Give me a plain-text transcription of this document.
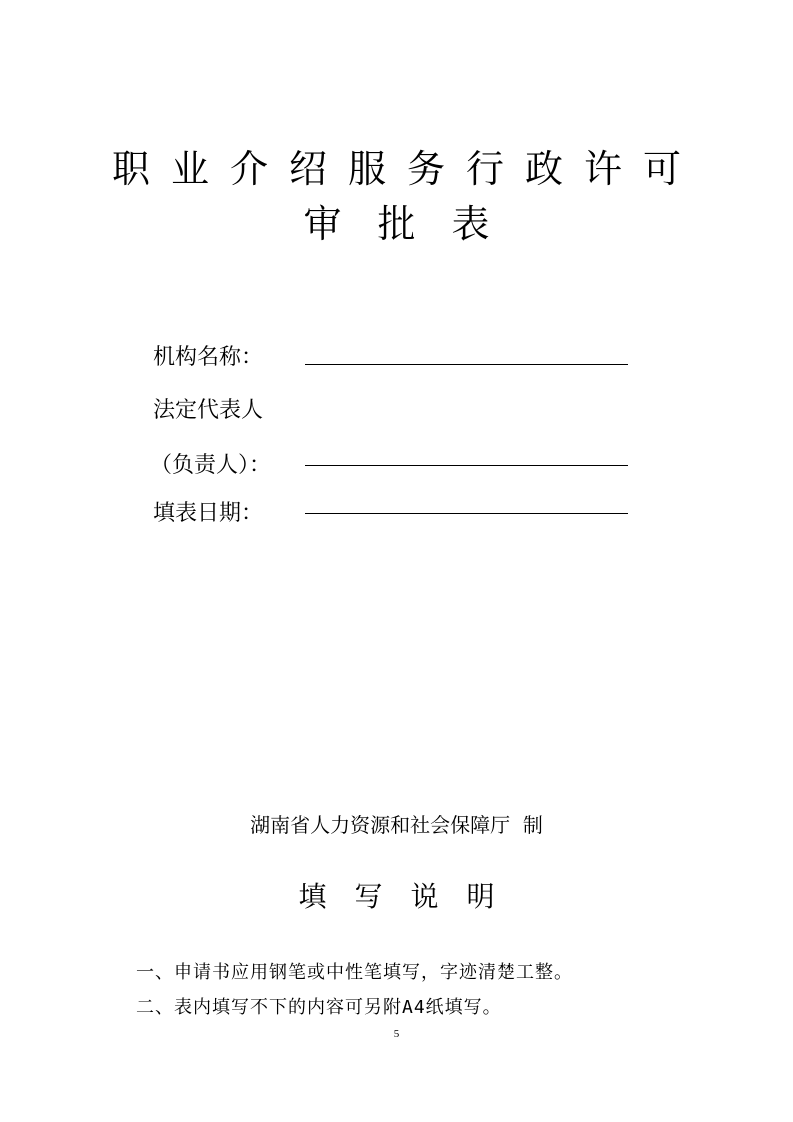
职业介绍服务行政许可
审批表
机构名称：
法定代表人
（负责人）：
填表日期：
湖南省人力资源和社会保障厅  制
填写说明
一、申请书应用钢笔或中性笔填写，字迹清楚工整。
二、表内填写不下的内容可另附A4纸填写。
5
